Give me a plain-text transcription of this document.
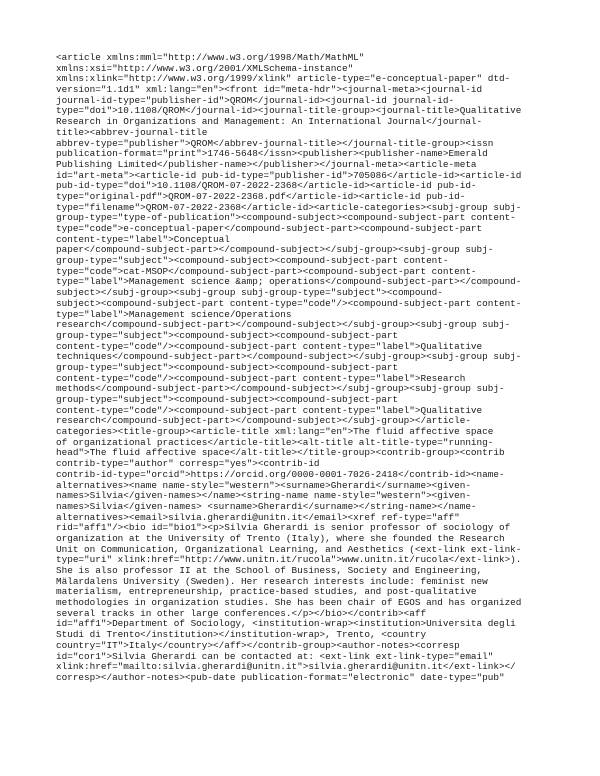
<article xmlns:mml="http://www.w3.org/1998/Math/MathML"
xmlns:xsi="http://www.w3.org/2001/XMLSchema-instance"
xmlns:xlink="http://www.w3.org/1999/xlink" article-type="e-conceptual-paper" dtd-
version="1.1d1" xml:lang="en"><front id="meta-hdr"><journal-meta><journal-id
journal-id-type="publisher-id">QROM</journal-id><journal-id journal-id-
type="doi">10.1108/QROM</journal-id><journal-title-group><journal-title>Qualitative
Research in Organizations and Management: An International Journal</journal-
title><abbrev-journal-title
abbrev-type="publisher">QROM</abbrev-journal-title></journal-title-group><issn
publication-format="print">1746-5648</issn><publisher><publisher-name>Emerald
Publishing Limited</publisher-name></publisher></journal-meta><article-meta
id="art-meta"><article-id pub-id-type="publisher-id">705086</article-id><article-id
pub-id-type="doi">10.1108/QROM-07-2022-2368</article-id><article-id pub-id-
type="original-pdf">QROM-07-2022-2368.pdf</article-id><article-id pub-id-
type="filename">QROM-07-2022-2368</article-id><article-categories><subj-group subj-
group-type="type-of-publication"><compound-subject><compound-subject-part content-
type="code">e-conceptual-paper</compound-subject-part><compound-subject-part
content-type="label">Conceptual
paper</compound-subject-part></compound-subject></subj-group><subj-group subj-
group-type="subject"><compound-subject><compound-subject-part content-
type="code">cat-MSOP</compound-subject-part><compound-subject-part content-
type="label">Management science &amp; operations</compound-subject-part></compound-
subject></subj-group><subj-group subj-group-type="subject"><compound-
subject><compound-subject-part content-type="code"/><compound-subject-part content-
type="label">Management science/Operations
research</compound-subject-part></compound-subject></subj-group><subj-group subj-
group-type="subject"><compound-subject><compound-subject-part
content-type="code"/><compound-subject-part content-type="label">Qualitative
techniques</compound-subject-part></compound-subject></subj-group><subj-group subj-
group-type="subject"><compound-subject><compound-subject-part
content-type="code"/><compound-subject-part content-type="label">Research
methods</compound-subject-part></compound-subject></subj-group><subj-group subj-
group-type="subject"><compound-subject><compound-subject-part
content-type="code"/><compound-subject-part content-type="label">Qualitative
research</compound-subject-part></compound-subject></subj-group></article-
categories><title-group><article-title xml:lang="en">The fluid affective space
of organizational practices</article-title><alt-title alt-title-type="running-
head">The fluid affective space</alt-title></title-group><contrib-group><contrib
contrib-type="author" corresp="yes"><contrib-id
contrib-id-type="orcid">https://orcid.org/0000-0001-7026-2418</contrib-id><name-
alternatives><name name-style="western"><surname>Gherardi</surname><given-
names>Silvia</given-names></name><string-name name-style="western"><given-
names>Silvia</given-names> <surname>Gherardi</surname></string-name></name-
alternatives><email>silvia.gherardi@unitn.it</email><xref ref-type="aff"
rid="aff1"/><bio id="bio1"><p>Silvia Gherardi is senior professor of sociology of
organization at the University of Trento (Italy), where she founded the Research
Unit on Communication, Organizational Learning, and Aesthetics (<ext-link ext-link-
type="uri" xlink:href="http://www.unitn.it/rucola">www.unitn.it/rucola</ext-link>).
She is also professor II at the School of Business, Society and Engineering,
Mälardalens University (Sweden). Her research interests include: feminist new
materialism, entrepreneurship, practice-based studies, and post-qualitative
methodologies in organization studies. She has been chair of EGOS and has organized
several tracks in other large conferences.</p></bio></contrib><aff
id="aff1">Department of Sociology, <institution-wrap><institution>Universita degli
Studi di Trento</institution></institution-wrap>, Trento, <country
country="IT">Italy</country></aff></contrib-group><author-notes><corresp
id="cor1">Silvia Gherardi can be contacted at: <ext-link ext-link-type="email"
xlink:href="mailto:silvia.gherardi@unitn.it">silvia.gherardi@unitn.it</ext-link></
corresp></author-notes><pub-date publication-format="electronic" date-type="pub"
